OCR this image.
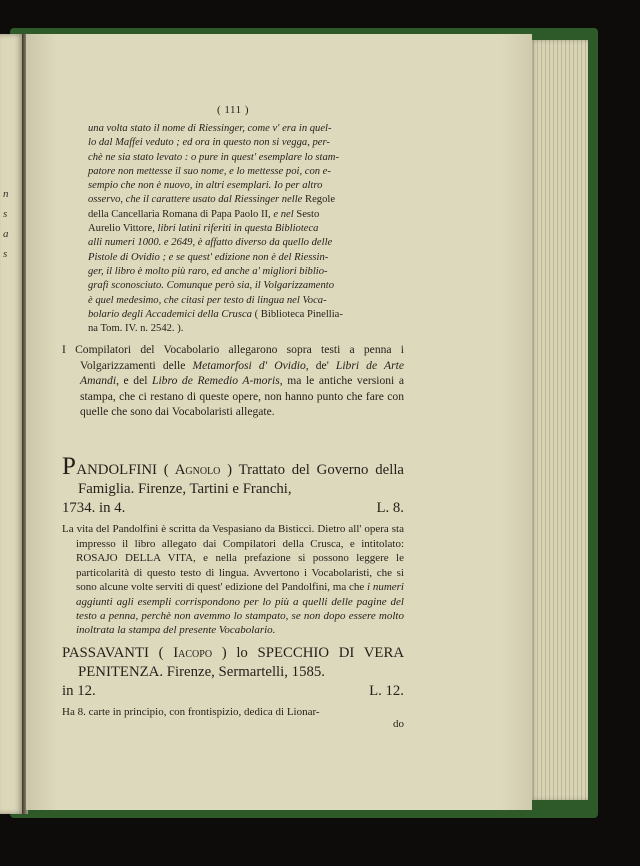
n
s
a
s
( 111 )
una volta stato il nome di Riessinger, come v' era in quel-
lo dal Maffei veduto ; ed ora in questo non si vegga, per-
chè ne sia stato levato : o pure in quest' esemplare lo stam-
patore non mettesse il suo nome, e lo mettesse poi, con e-
sempio che non è nuovo, in altri esemplari. Io per altro
osservo, che il carattere usato dal Riessinger nelle Regole
della Cancellaria Romana di Papa Paolo II, e nel Sesto
Aurelio Vittore, libri latini riferiti in questa Biblioteca
alli numeri 1000. e 2649, è affatto diverso da quello delle
Pistole di Ovidio ; e se quest' edizione non è del Riessin-
ger, il libro è molto più raro, ed anche a' migliori biblio-
grafi sconosciuto. Comunque però sia, il Volgarizzamento
è quel medesimo, che citasi per testo di lingua nel Voca-
bolario degli Accademici della Crusca ( Biblioteca Pinellia-
na Tom. IV. n. 2542. ).

I Compilatori del Vocabolario allegarono sopra testi a penna i Volgarizzamenti delle Metamorfosi d' Ovidio, de' Libri de Arte Amandi, e del Libro de Remedio A-moris, ma le antiche versioni a stampa, che ci restano di queste opere, non hanno punto che fare con quelle che sono dai Vocabolaristi allegate.

PANDOLFINI ( Agnolo ) Trattato del Governo della Famiglia. Firenze, Tartini e Franchi,
1734. in 4.	L. 8.

La vita del Pandolfini è scritta da Vespasiano da Bisticci. Dietro all' opera sta impresso il libro allegato dai Compilatori della Crusca, e intitolato: ROSAJO DELLA VITA, e nella prefazione si possono leggere le particolarità di questo testo di lingua. Avvertono i Vocabolaristi, che si sono alcune volte serviti di quest' edizione del Pandolfini, ma che i numeri aggiunti agli esempli corrispondono per lo più a quelli delle pagine del testo a penna, perchè non avemmo lo stampato, se non dopo essere molto inoltrata la stampa del presente Vocabolario.

PASSAVANTI ( Iacopo ) lo SPECCHIO DI VERA PENITENZA. Firenze, Sermartelli, 1585.
in 12.	L. 12.

Ha 8. carte in principio, con frontispizio, dedica di Lionar-

do
